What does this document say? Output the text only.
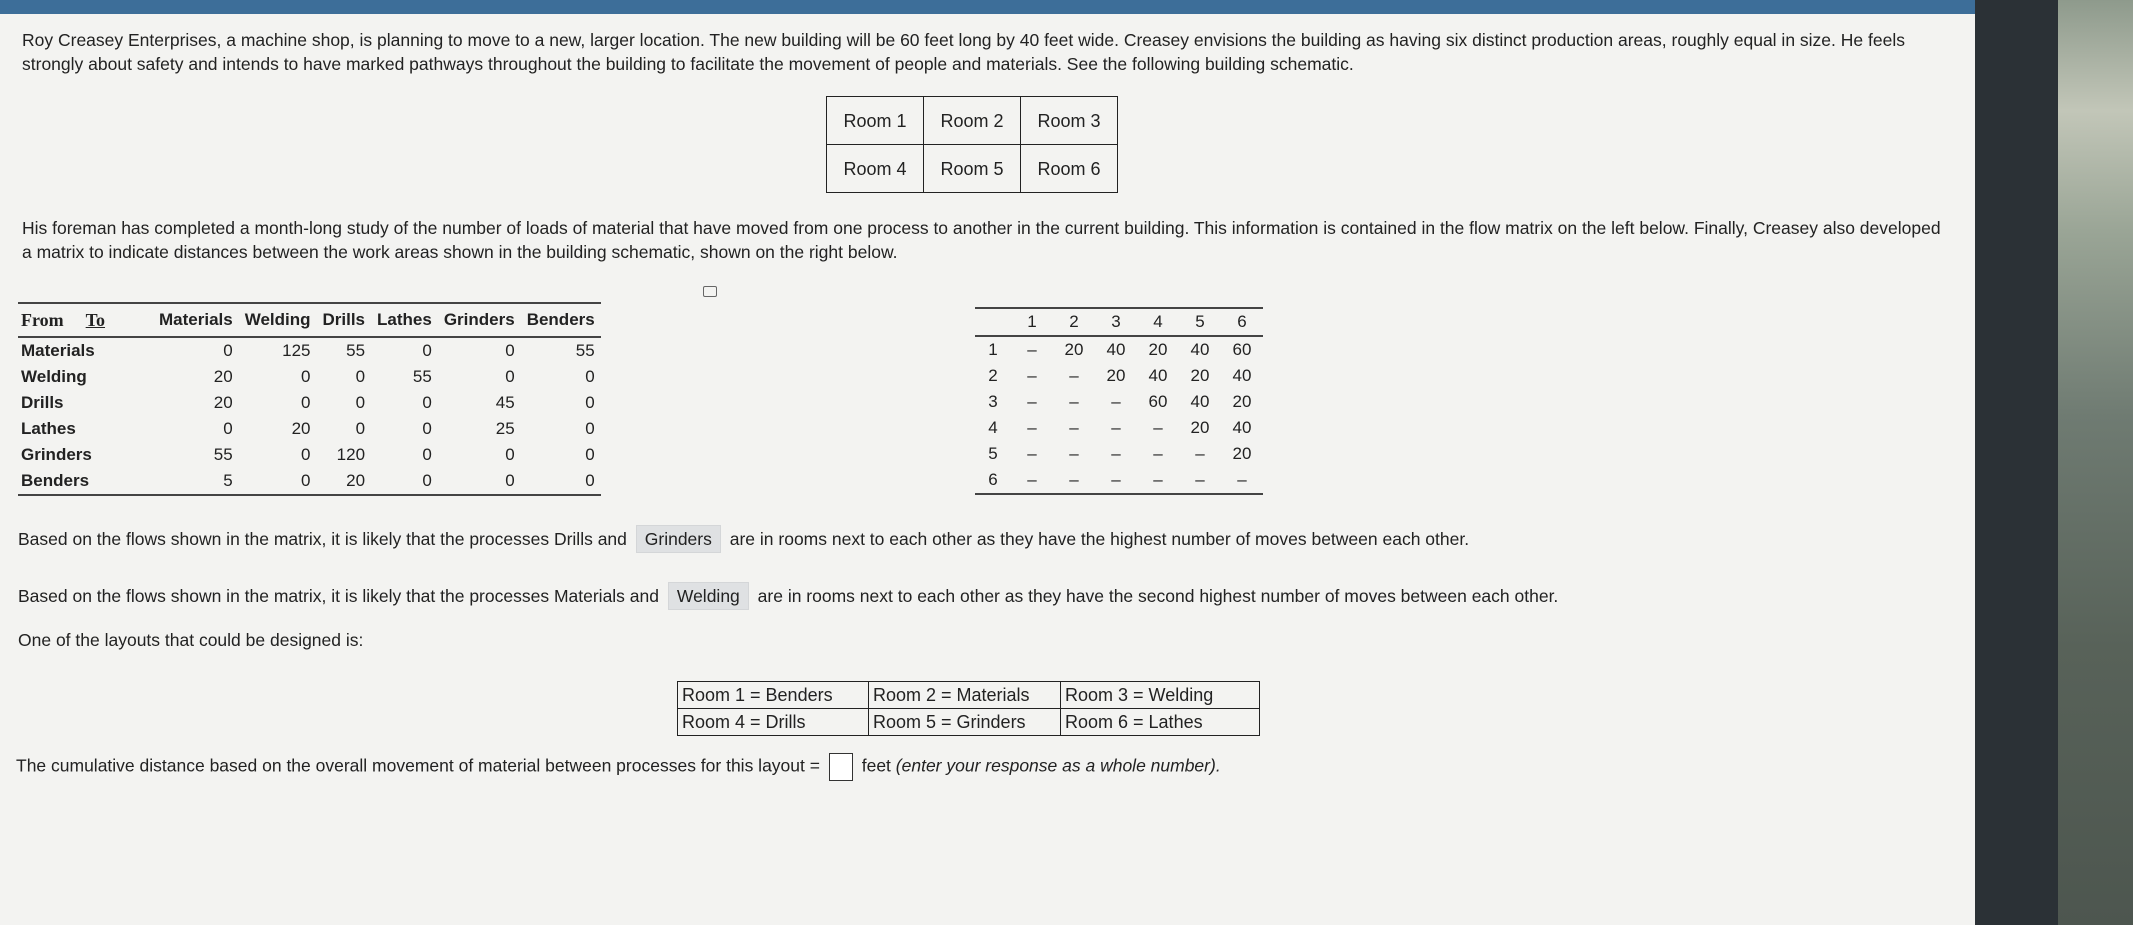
Roy Creasey Enterprises, a machine shop, is planning to move to a new, larger location. The new building will be 60 feet long by 40 feet wide. Creasey envisions the building as having six distinct production areas, roughly equal in size. He feels strongly about safety and intends to have marked pathways throughout the building to facilitate the movement of people and materials. See the following building schematic.

Room 1	Room 2	Room 3
Room 4	Room 5	Room 6

His foreman has completed a month-long study of the number of loads of material that have moved from one process to another in the current building. This information is contained in the flow matrix on the left below. Finally, Creasey also developed a matrix to indicate distances between the work areas shown in the building schematic, shown on the right below.

From To	Materials	Welding	Drills	Lathes	Grinders	Benders
Materials	0	125	55	0	0	55
Welding	20	0	0	55	0	0
Drills	20	0	0	0	45	0
Lathes	0	20	0	0	25	0
Grinders	55	0	120	0	0	0
Benders	5	0	20	0	0	0
	1	2	3	4	5	6
1	–	20	40	20	40	60
2	–	–	20	40	20	40
3	–	–	–	60	40	20
4	–	–	–	–	20	40
5	–	–	–	–	–	20
6	–	–	–	–	–	–

Based on the flows shown in the matrix, it is likely that the processes Drills and Grinders are in rooms next to each other as they have the highest number of moves between each other.

Based on the flows shown in the matrix, it is likely that the processes Materials and Welding are in rooms next to each other as they have the second highest number of moves between each other.

One of the layouts that could be designed is:

Room 1 = Benders	Room 2 = Materials	Room 3 = Welding
Room 4 = Drills	Room 5 = Grinders	Room 6 = Lathes

The cumulative distance based on the overall movement of material between processes for this layout = feet (enter your response as a whole number).
